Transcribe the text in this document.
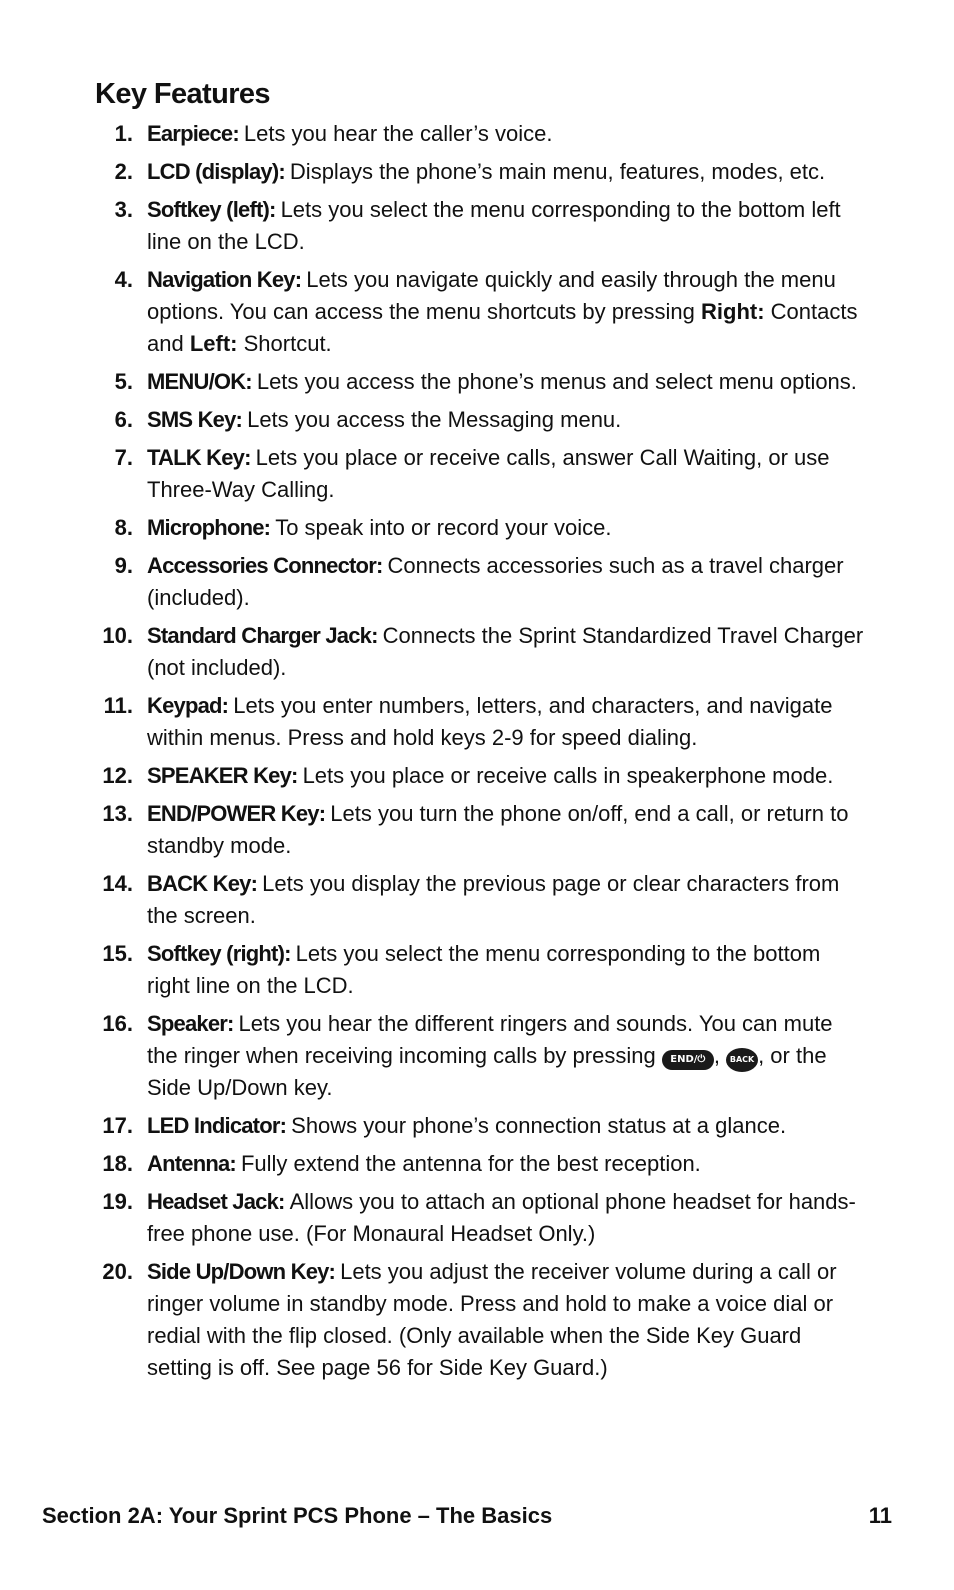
Key Features
1. Earpiece: Lets you hear the caller’s voice.
2. LCD (display): Displays the phone’s main menu, features, modes, etc.
3. Softkey (left): Lets you select the menu corresponding to the bottom left line on the LCD.
4. Navigation Key: Lets you navigate quickly and easily through the menu options. You can access the menu shortcuts by pressing Right: Contacts and Left: Shortcut.
5. MENU/OK: Lets you access the phone’s menus and select menu options.
6. SMS Key: Lets you access the Messaging menu.
7. TALK Key: Lets you place or receive calls, answer Call Waiting, or use Three-Way Calling.
8. Microphone: To speak into or record your voice.
9. Accessories Connector: Connects accessories such as a travel charger (included).
10. Standard Charger Jack: Connects the Sprint Standardized Travel Charger (not included).
11. Keypad: Lets you enter numbers, letters, and characters, and navigate within menus. Press and hold keys 2-9 for speed dialing.
12. SPEAKER Key: Lets you place or receive calls in speakerphone mode.
13. END/POWER Key: Lets you turn the phone on/off, end a call, or return to standby mode.
14. BACK Key: Lets you display the previous page or clear characters from the screen.
15. Softkey (right): Lets you select the menu corresponding to the bottom right line on the LCD.
16. Speaker: Lets you hear the different ringers and sounds. You can mute the ringer when receiving incoming calls by pressing END/⏻ , BACK , or the Side Up/Down key.
17. LED Indicator: Shows your phone’s connection status at a glance.
18. Antenna: Fully extend the antenna for the best reception.
19. Headset Jack: Allows you to attach an optional phone headset for hands-free phone use. (For Monaural Headset Only.)
20. Side Up/Down Key: Lets you adjust the receiver volume during a call or ringer volume in standby mode. Press and hold to make a voice dial or redial with the flip closed. (Only available when the Side Key Guard setting is off. See page 56 for Side Key Guard.)
Section 2A: Your Sprint PCS Phone – The Basics	11
